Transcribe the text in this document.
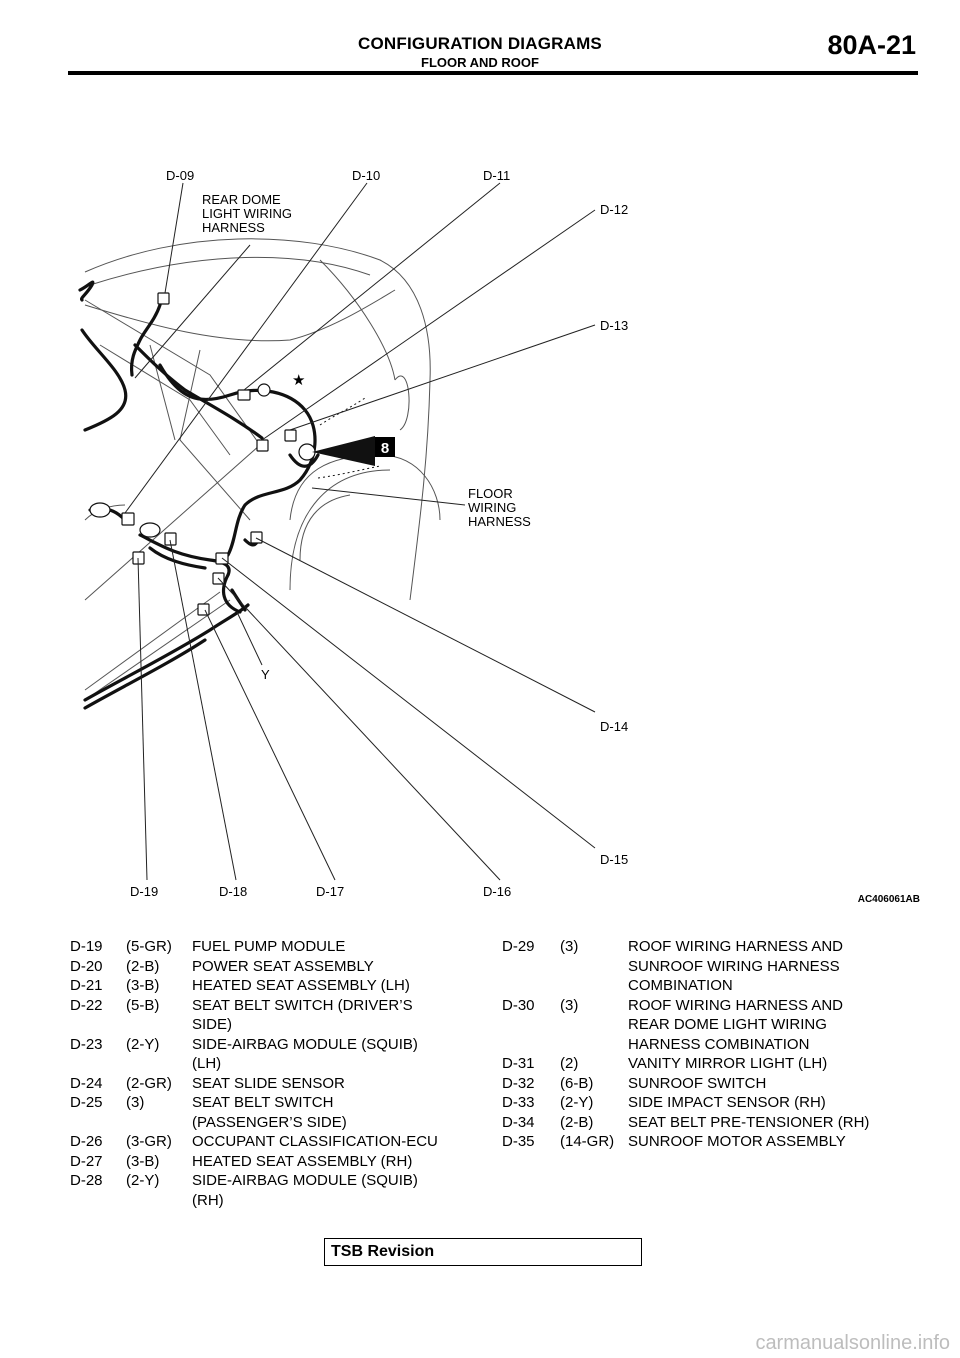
CONFIGURATION DIAGRAMS
FLOOR AND ROOF
80A-21
★
8
D-09	D-10	D-11
D-12
D-13
D-14
D-15
D-16
D-17
D-18
D-19
REAR DOME
LIGHT WIRING
HARNESS
FLOOR
WIRING
HARNESS
Y
AC406061AB
D-19	(5-GR)	FUEL PUMP MODULE
D-20	(2-B)	POWER SEAT ASSEMBLY
D-21	(3-B)	HEATED SEAT ASSEMBLY (LH)
D-22	(5-B)	SEAT BELT SWITCH (DRIVER’S
SIDE)
D-23	(2-Y)	SIDE-AIRBAG MODULE (SQUIB)
(LH)
D-24	(2-GR)	SEAT SLIDE SENSOR
D-25	(3)	SEAT BELT SWITCH
(PASSENGER’S SIDE)
D-26	(3-GR)	OCCUPANT CLASSIFICATION-ECU
D-27	(3-B)	HEATED SEAT ASSEMBLY (RH)
D-28	(2-Y)	SIDE-AIRBAG MODULE (SQUIB)
(RH)
D-29	(3)	ROOF WIRING HARNESS AND
SUNROOF WIRING HARNESS
COMBINATION
D-30	(3)	ROOF WIRING HARNESS AND
REAR DOME LIGHT WIRING
HARNESS COMBINATION
D-31	(2)	VANITY MIRROR LIGHT (LH)
D-32	(6-B)	SUNROOF SWITCH
D-33	(2-Y)	SIDE IMPACT SENSOR (RH)
D-34	(2-B)	SEAT BELT PRE-TENSIONER (RH)
D-35	(14-GR) SUNROOF MOTOR ASSEMBLY
TSB Revision
carmanualsonline.info
